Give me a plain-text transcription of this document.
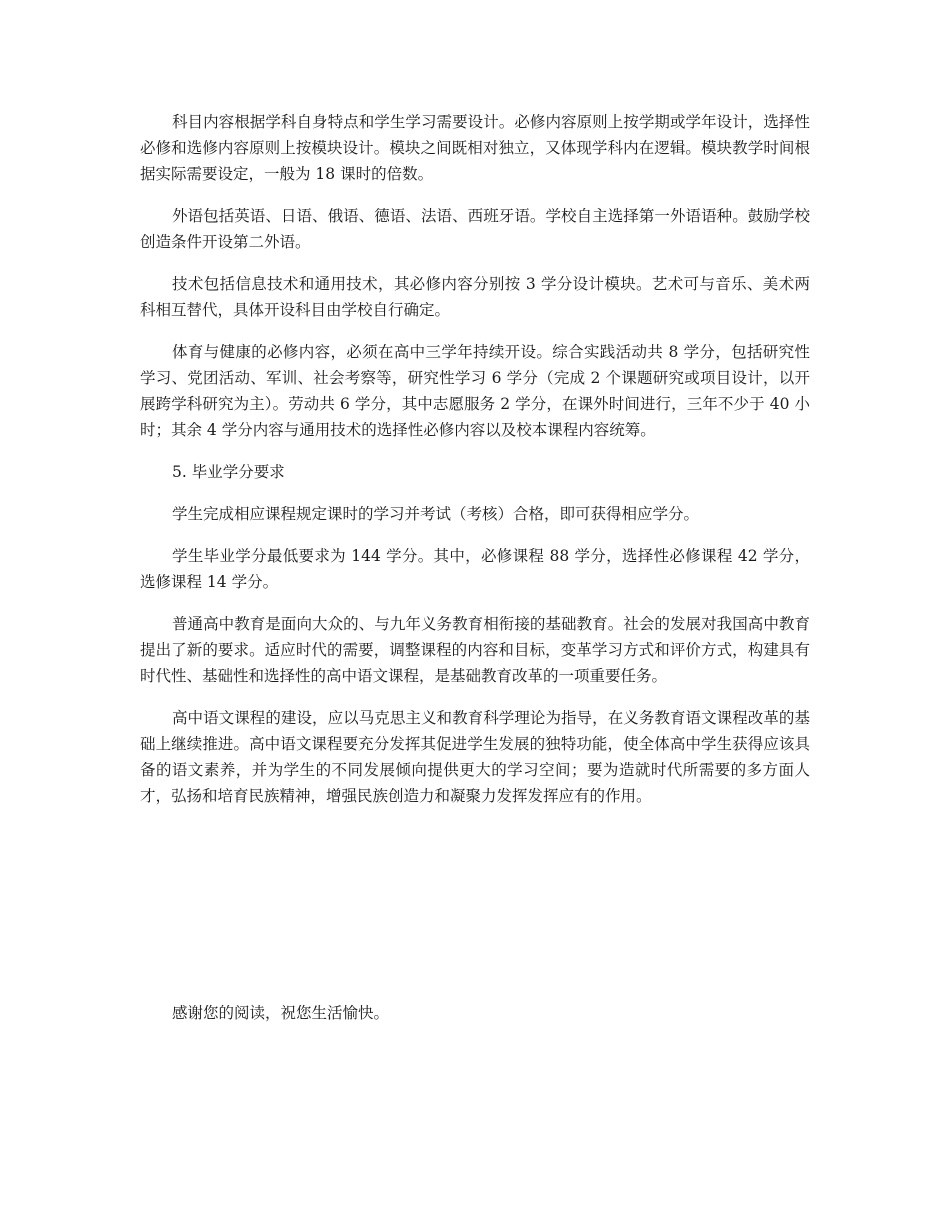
科目内容根据学科自身特点和学生学习需要设计。必修内容原则上按学期或学年设计，选择性必修和选修内容原则上按模块设计。模块之间既相对独立，又体现学科内在逻辑。模块教学时间根据实际需要设定，一般为 18 课时的倍数。

外语包括英语、日语、俄语、德语、法语、西班牙语。学校自主选择第一外语语种。鼓励学校创造条件开设第二外语。

技术包括信息技术和通用技术，其必修内容分别按 3 学分设计模块。艺术可与音乐、美术两科相互替代，具体开设科目由学校自行确定。

体育与健康的必修内容，必须在高中三学年持续开设。综合实践活动共 8 学分，包括研究性学习、党团活动、军训、社会考察等，研究性学习 6 学分（完成 2 个课题研究或项目设计，以开展跨学科研究为主）。劳动共 6 学分，其中志愿服务 2 学分，在课外时间进行，三年不少于 40 小时；其余 4 学分内容与通用技术的选择性必修内容以及校本课程内容统筹。

5. 毕业学分要求

学生完成相应课程规定课时的学习并考试（考核）合格，即可获得相应学分。

学生毕业学分最低要求为 144 学分。其中，必修课程 88 学分，选择性必修课程 42 学分，选修课程 14 学分。

普通高中教育是面向大众的、与九年义务教育相衔接的基础教育。社会的发展对我国高中教育提出了新的要求。适应时代的需要，调整课程的内容和目标，变革学习方式和评价方式，构建具有时代性、基础性和选择性的高中语文课程，是基础教育改革的一项重要任务。

高中语文课程的建设，应以马克思主义和教育科学理论为指导，在义务教育语文课程改革的基础上继续推进。高中语文课程要充分发挥其促进学生发展的独特功能，使全体高中学生获得应该具备的语文素养，并为学生的不同发展倾向提供更大的学习空间；要为造就时代所需要的多方面人才，弘扬和培育民族精神，增强民族创造力和凝聚力发挥发挥应有的作用。

感谢您的阅读，祝您生活愉快。
